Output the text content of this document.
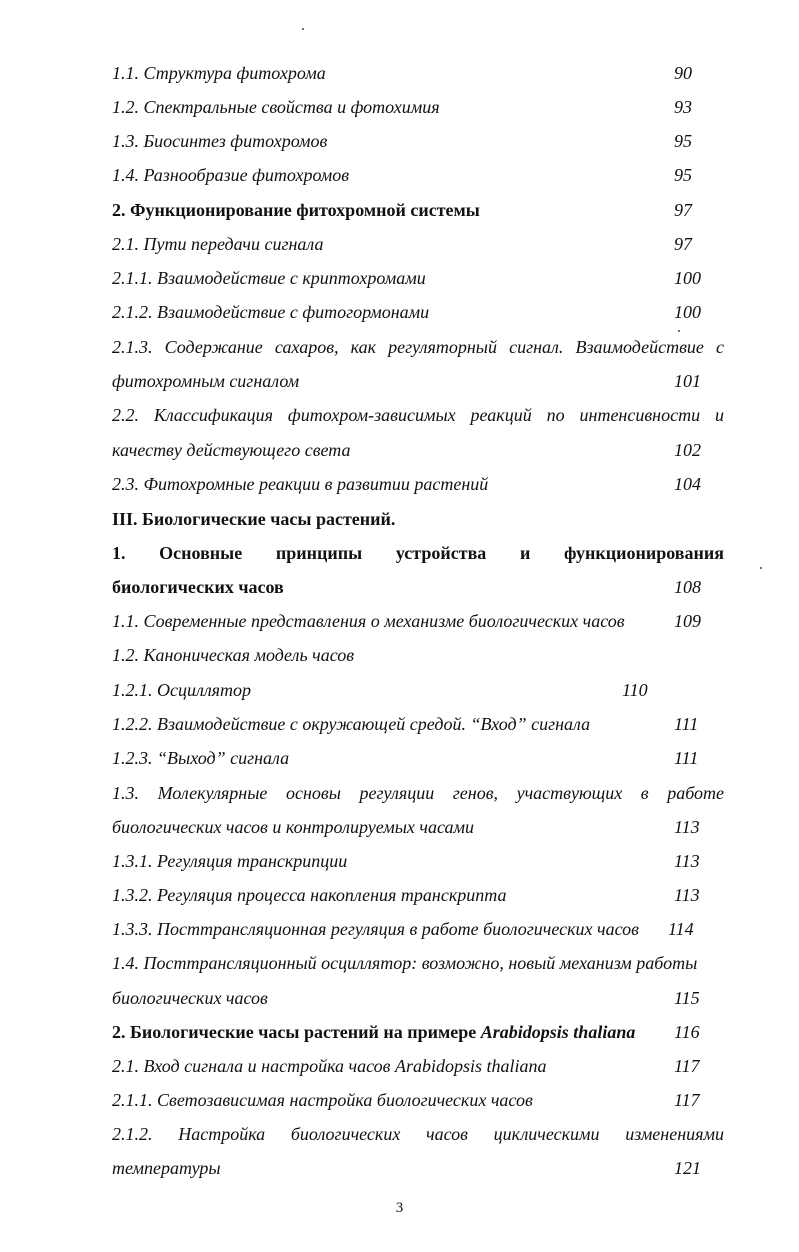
1.1. Структура фитохрома	90
1.2. Спектральные свойства и фотохимия	93
1.3. Биосинтез фитохромов	95
1.4. Разнообразие фитохромов	95
2. Функционирование фитохромной системы	97
2.1. Пути передачи сигнала	97
2.1.1. Взаимодействие с криптохромами	100
2.1.2. Взаимодействие с фитогормонами	100
2.1.3. Содержание сахаров, как регуляторный сигнал. Взаимодействие с
фитохромным сигналом	101
2.2. Классификация фитохром-зависимых реакций по интенсивности и
качеству действующего света	102
2.3. Фитохромные реакции в развитии растений	104
III. Биологические часы растений.
1. Основные принципы устройства и функционирования
биологических часов	108
1.1. Современные представления о механизме биологических часов	109
1.2. Каноническая модель часов
1.2.1. Осциллятор	110
1.2.2. Взаимодействие с окружающей средой. “Вход” сигнала	111
1.2.3. “Выход” сигнала	111
1.3. Молекулярные основы регуляции генов, участвующих в работе
биологических часов и контролируемых часами	113
1.3.1. Регуляция транскрипции	113
1.3.2. Регуляция процесса накопления транскрипта	113
1.3.3. Посттрансляционная регуляция в работе биологических часов 114
1.4. Посттрансляционный осциллятор: возможно, новый механизм работы
биологических часов	115
2. Биологические часы растений на примере Arabidopsis thaliana 116
2.1. Вход сигнала и настройка часов Arabidopsis thaliana	117
2.1.1. Светозависимая настройка биологических часов	117
2.1.2. Настройка биологических часов циклическими изменениями
температуры	121
3
